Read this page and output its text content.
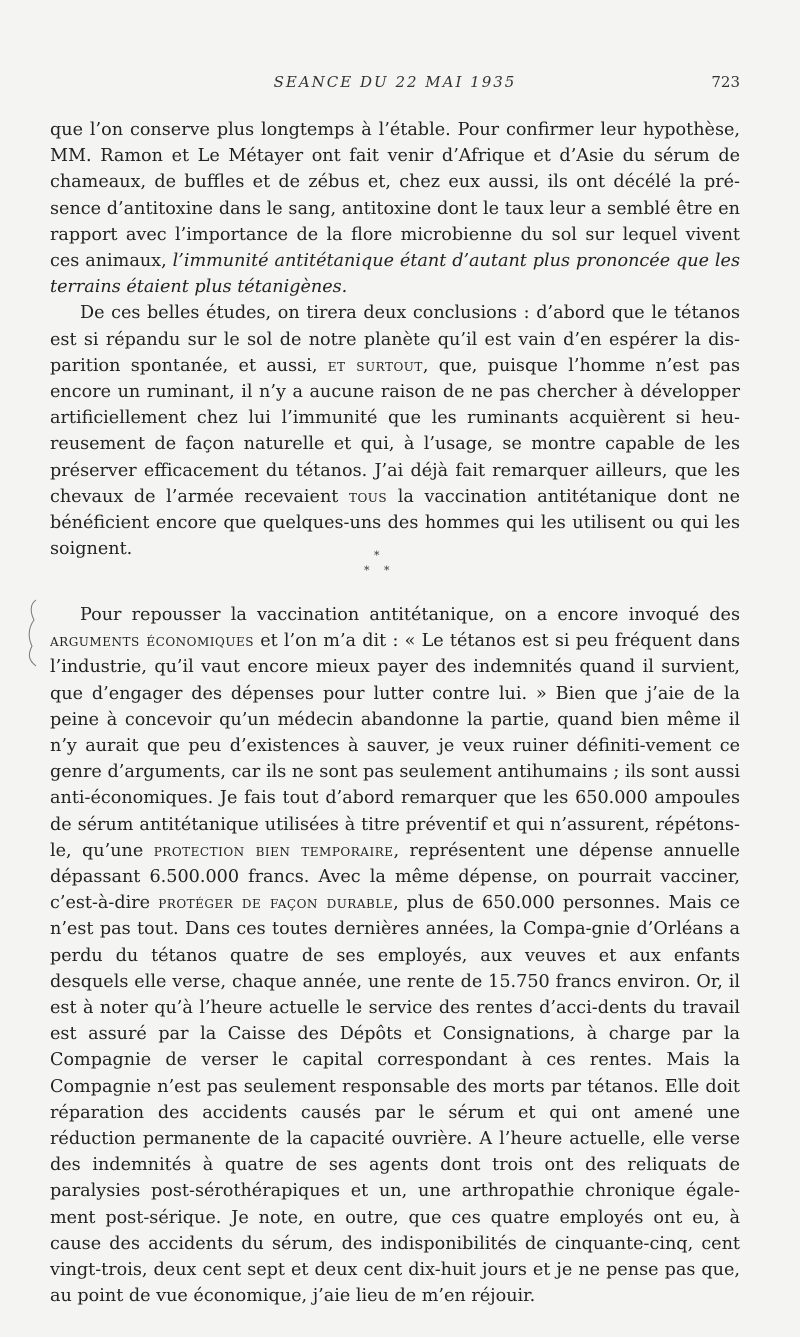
SEANCE DU 22 MAI 1935	723

que l’on conserve plus longtemps à l’étable. Pour confirmer leur hypothèse, MM. Ramon et Le Métayer ont fait venir d’Afrique et d’Asie du sérum de chameaux, de buffles et de zébus et, chez eux aussi, ils ont décélé la pré-sence d’antitoxine dans le sang, antitoxine dont le taux leur a semblé être en rapport avec l’importance de la flore microbienne du sol sur lequel vivent ces animaux, l’immunité antitétanique étant d’autant plus prononcée que les terrains étaient plus tétanigènes.

De ces belles études, on tirera deux conclusions : d’abord que le tétanos est si répandu sur le sol de notre planète qu’il est vain d’en espérer la dis-parition spontanée, et aussi, et surtout, que, puisque l’homme n’est pas encore un ruminant, il n’y a aucune raison de ne pas chercher à développer artificiellement chez lui l’immunité que les ruminants acquièrent si heu-reusement de façon naturelle et qui, à l’usage, se montre capable de les préserver efficacement du tétanos. J’ai déjà fait remarquer ailleurs, que les chevaux de l’armée recevaient tous la vaccination antitétanique dont ne bénéficient encore que quelques-uns des hommes qui les utilisent ou qui les soignent.	*
* *

Pour repousser la vaccination antitétanique, on a encore invoqué des arguments économiques et l’on m’a dit : « Le tétanos est si peu fréquent dans l’industrie, qu’il vaut encore mieux payer des indemnités quand il survient, que d’engager des dépenses pour lutter contre lui. » Bien que j’aie de la peine à concevoir qu’un médecin abandonne la partie, quand bien même il n’y aurait que peu d’existences à sauver, je veux ruiner définiti-vement ce genre d’arguments, car ils ne sont pas seulement antihumains ; ils sont aussi anti-économiques. Je fais tout d’abord remarquer que les 650.000 ampoules de sérum antitétanique utilisées à titre préventif et qui n’assurent, répétons-le, qu’une protection bien temporaire, représentent une dépense annuelle dépassant 6.500.000 francs. Avec la même dépense, on pourrait vacciner, c’est-à-dire protéger de façon durable, plus de 650.000 personnes. Mais ce n’est pas tout. Dans ces toutes dernières années, la Compa-gnie d’Orléans a perdu du tétanos quatre de ses employés, aux veuves et aux enfants desquels elle verse, chaque année, une rente de 15.750 francs environ. Or, il est à noter qu’à l’heure actuelle le service des rentes d’acci-dents du travail est assuré par la Caisse des Dépôts et Consignations, à charge par la Compagnie de verser le capital correspondant à ces rentes. Mais la Compagnie n’est pas seulement responsable des morts par tétanos. Elle doit réparation des accidents causés par le sérum et qui ont amené une réduction permanente de la capacité ouvrière. A l’heure actuelle, elle verse des indemnités à quatre de ses agents dont trois ont des reliquats de paralysies post-sérothérapiques et un, une arthropathie chronique égale-ment post-sérique. Je note, en outre, que ces quatre employés ont eu, à cause des accidents du sérum, des indisponibilités de cinquante-cinq, cent vingt-trois, deux cent sept et deux cent dix-huit jours et je ne pense pas que, au point de vue économique, j’aie lieu de m’en réjouir.
